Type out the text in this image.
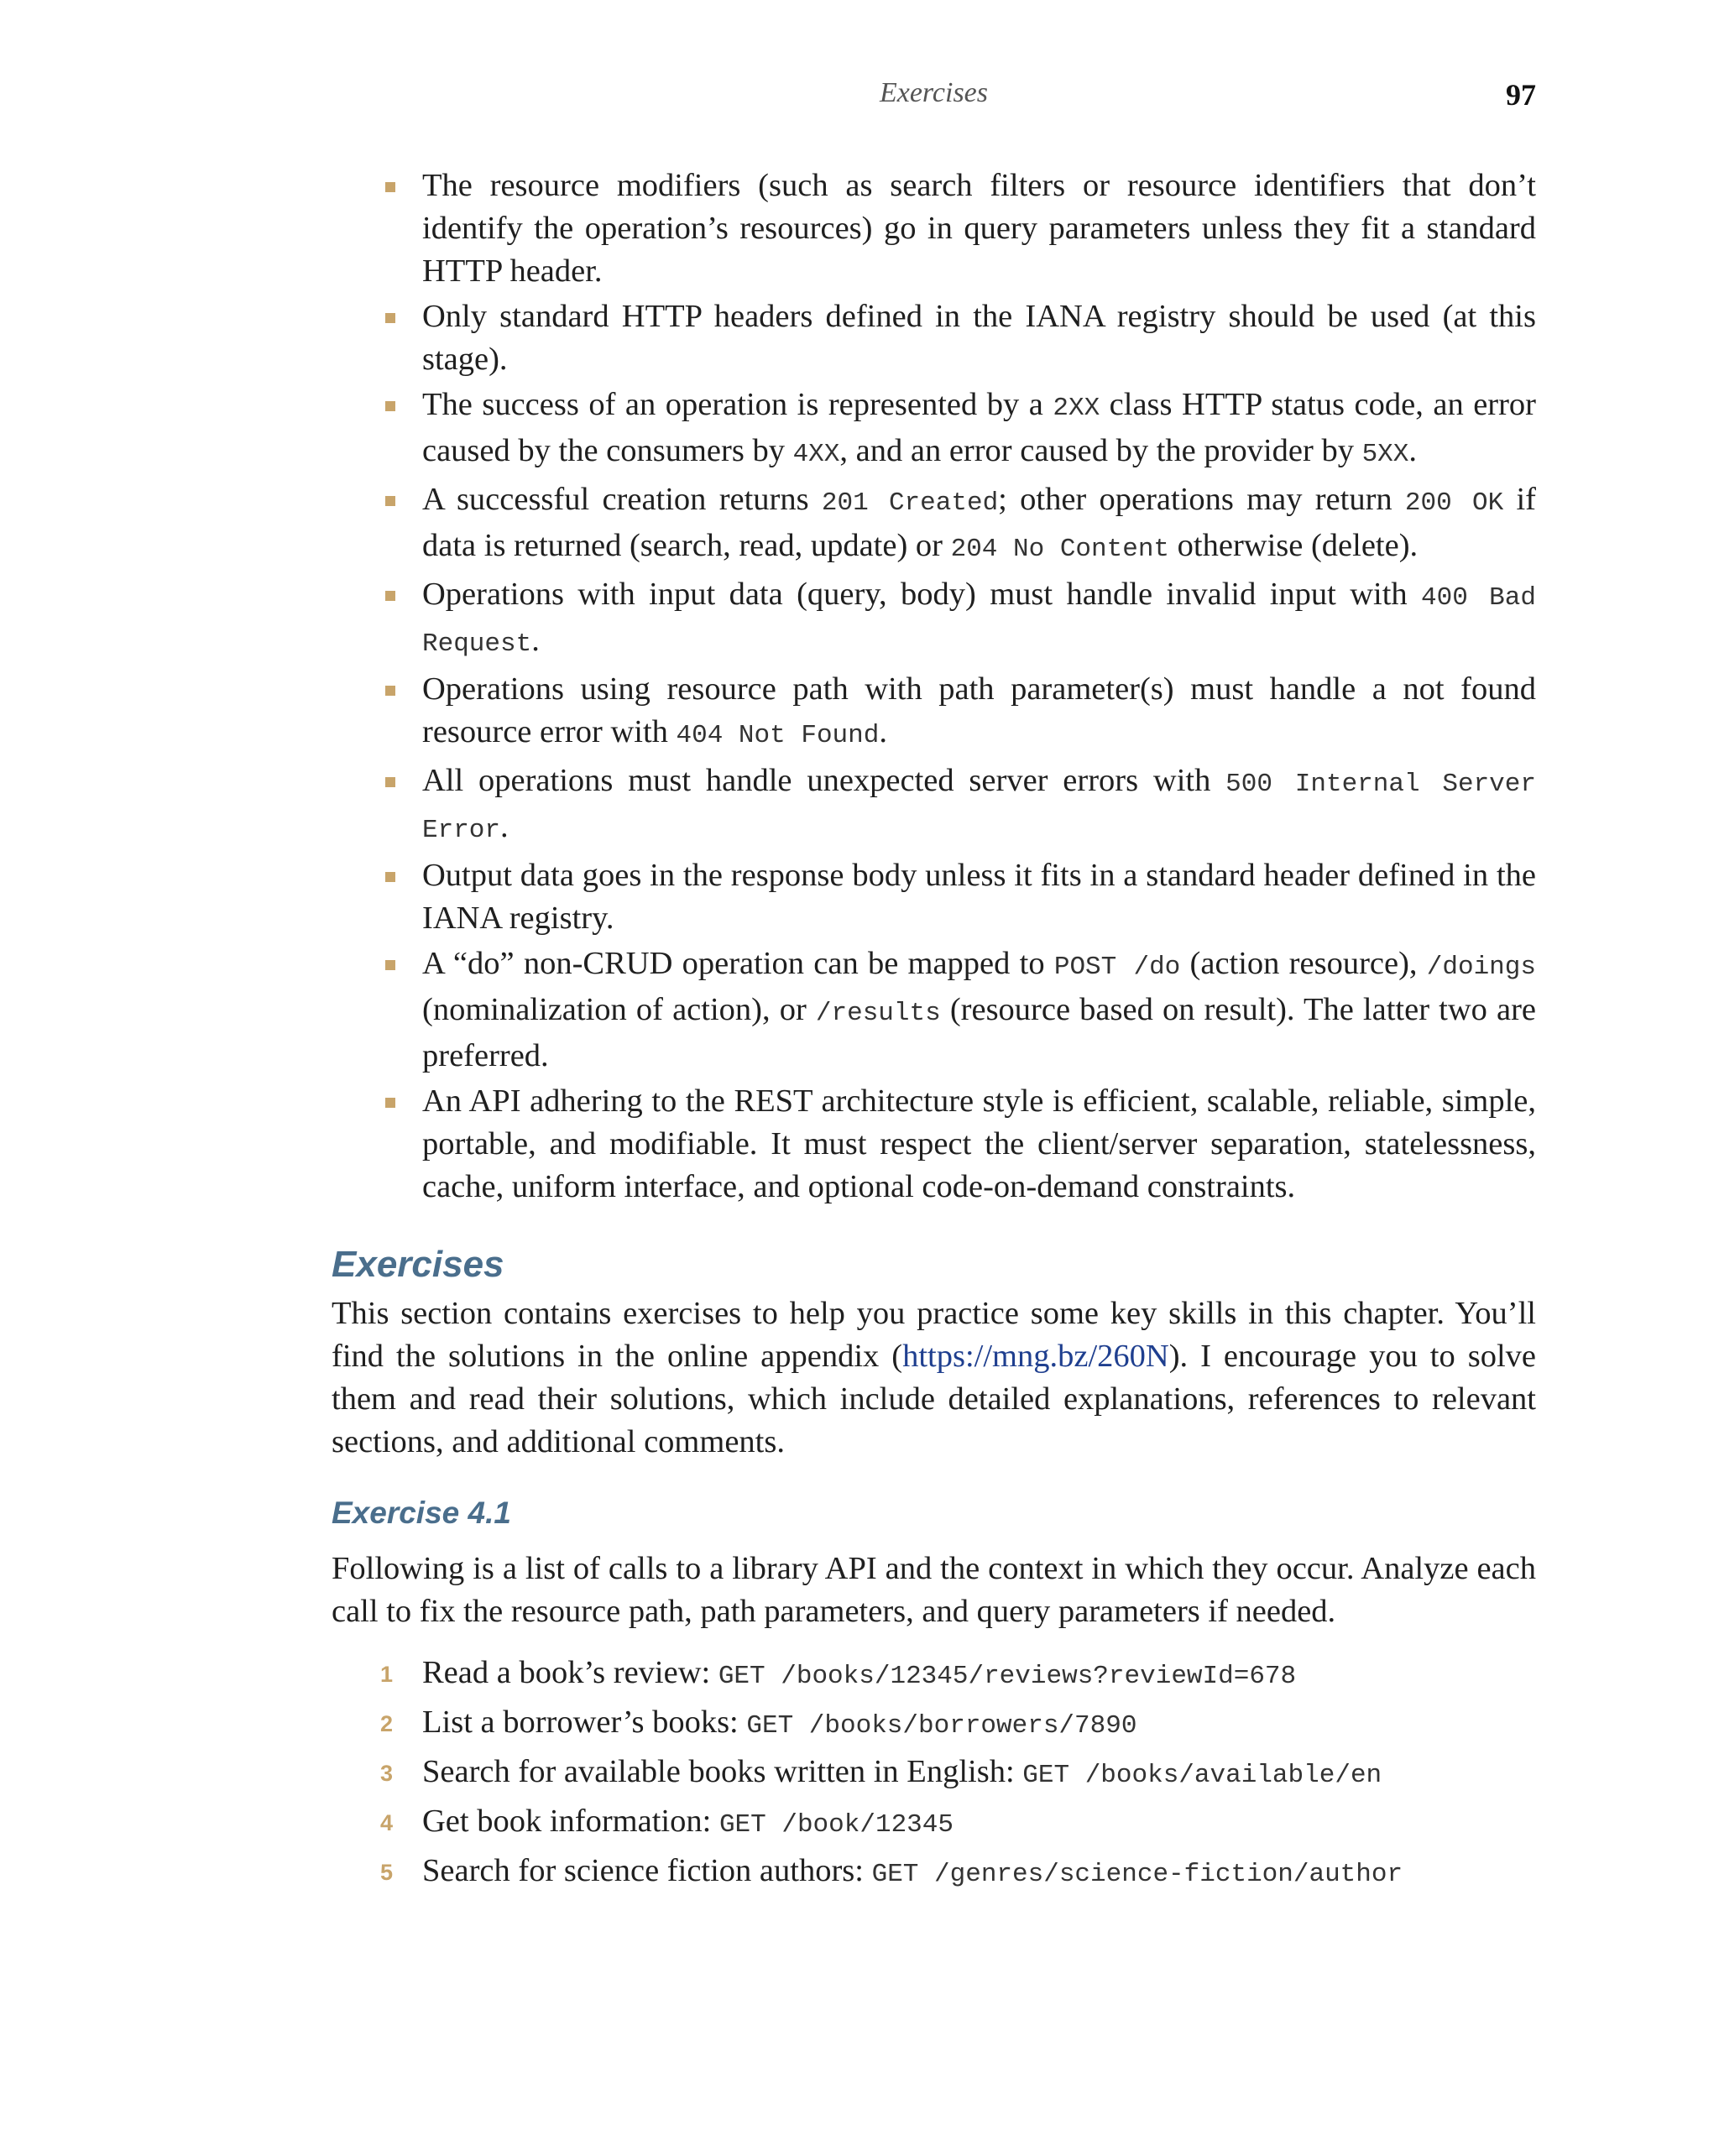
Exercises	97
The resource modifiers (such as search filters or resource identifiers that don’t identify the operation’s resources) go in query parameters unless they fit a standard HTTP header.
Only standard HTTP headers defined in the IANA registry should be used (at this stage).
The success of an operation is represented by a 2XX class HTTP status code, an error caused by the consumers by 4XX, and an error caused by the provider by 5XX.
A successful creation returns 201 Created; other operations may return 200 OK if data is returned (search, read, update) or 204 No Content otherwise (delete).
Operations with input data (query, body) must handle invalid input with 400 Bad Request.
Operations using resource path with path parameter(s) must handle a not found resource error with 404 Not Found.
All operations must handle unexpected server errors with 500 Internal Server Error.
Output data goes in the response body unless it fits in a standard header defined in the IANA registry.
A “do” non-CRUD operation can be mapped to POST /do (action resource), /doings (nominalization of action), or /results (resource based on result). The latter two are preferred.
An API adhering to the REST architecture style is efficient, scalable, reliable, simple, portable, and modifiable. It must respect the client/server separation, statelessness, cache, uniform interface, and optional code-on-demand constraints.
Exercises

This section contains exercises to help you practice some key skills in this chapter. You’ll find the solutions in the online appendix (https://mng.bz/260N). I encourage you to solve them and read their solutions, which include detailed explanations, references to relevant sections, and additional comments.

Exercise 4.1

Following is a list of calls to a library API and the context in which they occur. Analyze each call to fix the resource path, path parameters, and query parameters if needed.

1 Read a book’s review: GET /books/12345/reviews?reviewId=678
2 List a borrower’s books: GET /books/borrowers/7890
3 Search for available books written in English: GET /books/available/en
4 Get book information: GET /book/12345
5 Search for science fiction authors: GET /genres/science-fiction/author
